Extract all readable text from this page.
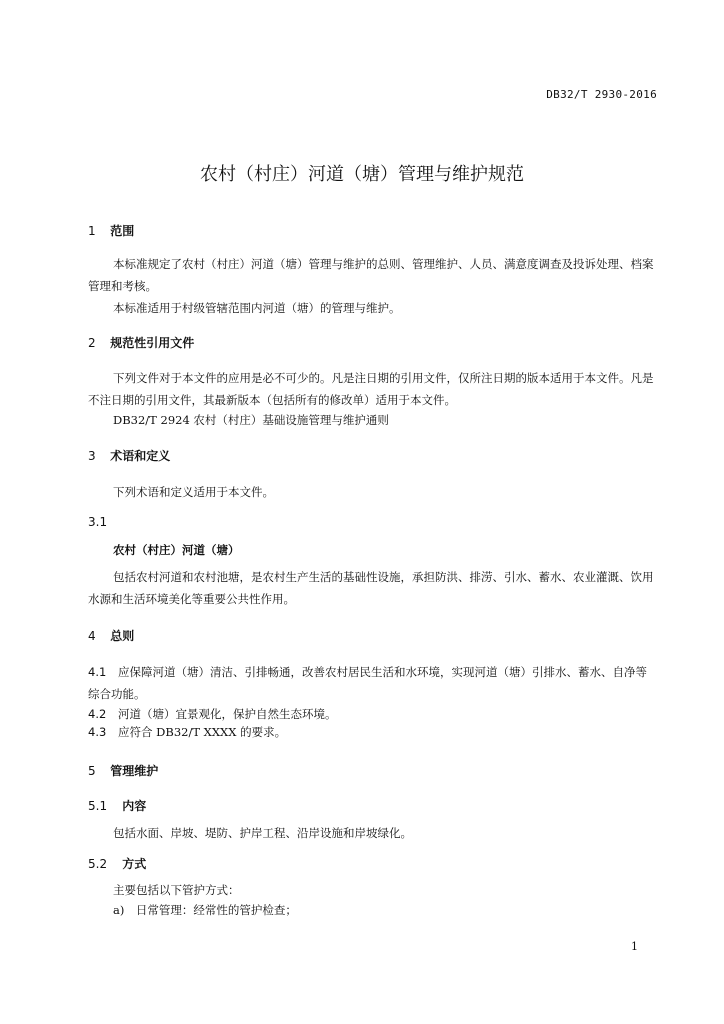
DB32/T 2930-2016
农村（村庄）河道（塘）管理与维护规范
1 范围
本标准规定了农村（村庄）河道（塘）管理与维护的总则、管理维护、人员、满意度调查及投诉处理、档案管理和考核。
本标准适用于村级管辖范围内河道（塘）的管理与维护。
2 规范性引用文件
下列文件对于本文件的应用是必不可少的。凡是注日期的引用文件，仅所注日期的版本适用于本文件。凡是不注日期的引用文件，其最新版本（包括所有的修改单）适用于本文件。
DB32/T 2924 农村（村庄）基础设施管理与维护通则
3 术语和定义
下列术语和定义适用于本文件。
3.1
农村（村庄）河道（塘）
包括农村河道和农村池塘，是农村生产生活的基础性设施，承担防洪、排涝、引水、蓄水、农业灌溉、饮用水源和生活环境美化等重要公共性作用。
4 总则
4.1 应保障河道（塘）清洁、引排畅通，改善农村居民生活和水环境，实现河道（塘）引排水、蓄水、自净等综合功能。
4.2 河道（塘）宜景观化，保护自然生态环境。
4.3 应符合 DB32/T XXXX 的要求。
5 管理维护
5.1 内容
包括水面、岸坡、堤防、护岸工程、沿岸设施和岸坡绿化。
5.2 方式
主要包括以下管护方式：
a)　日常管理：经常性的管护检查；
1
